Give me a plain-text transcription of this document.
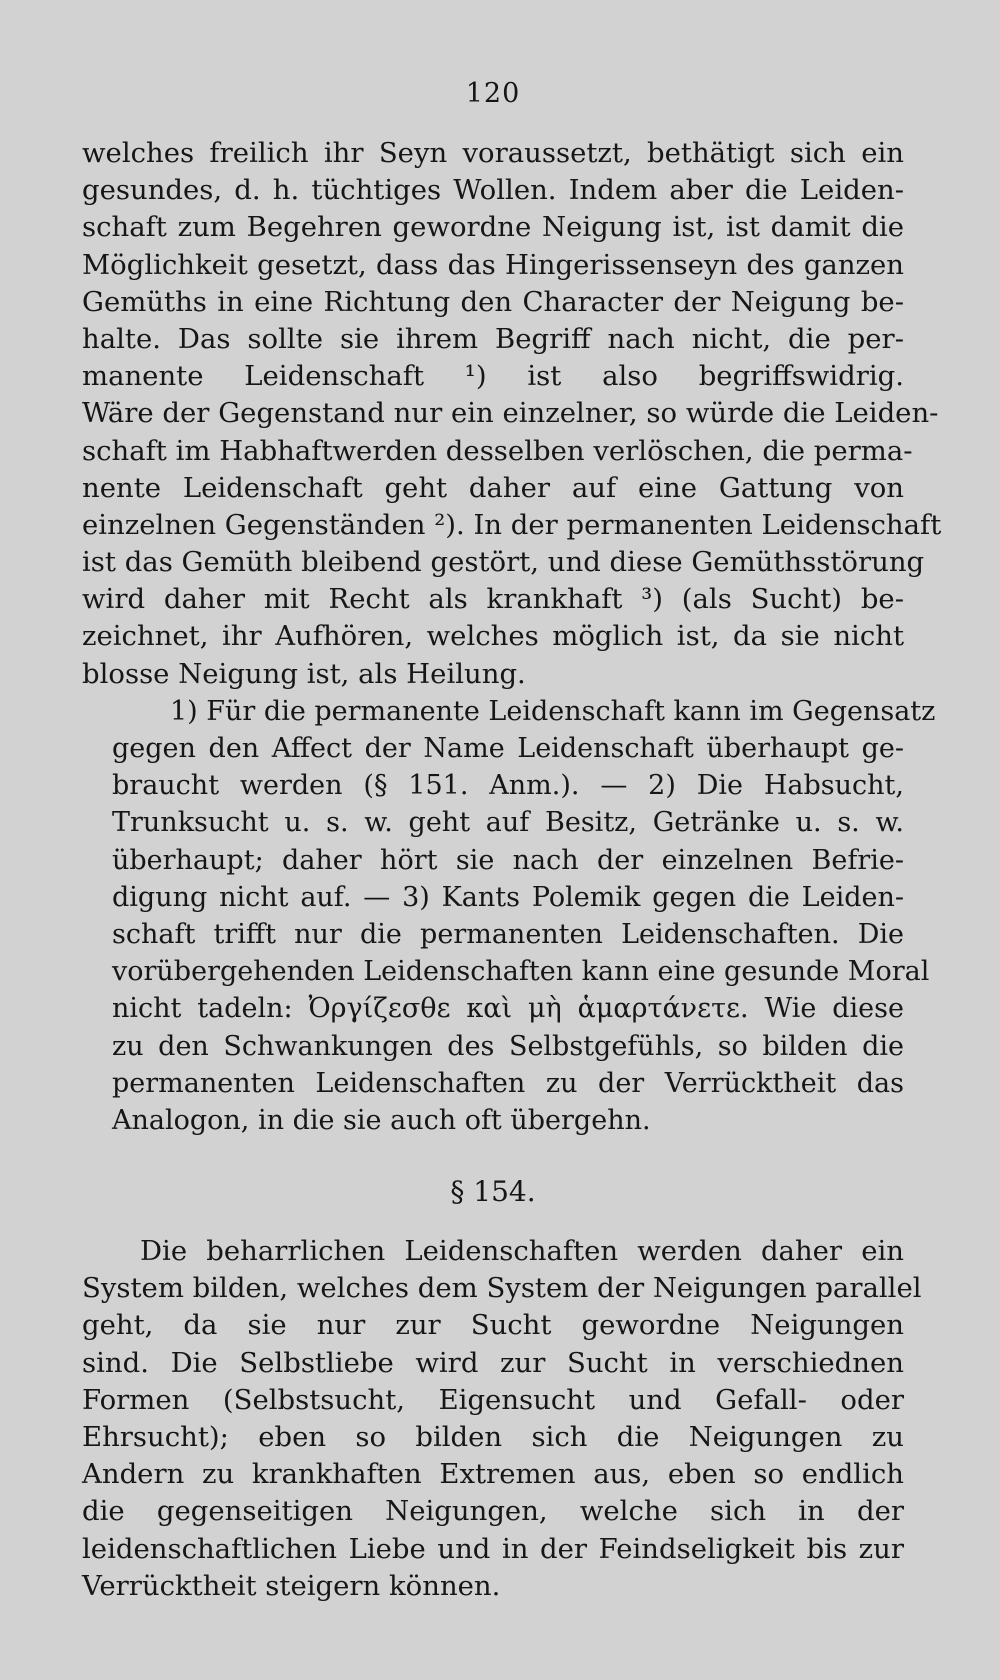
120
welches freilich ihr Seyn voraussetzt, bethätigt sich ein
gesundes, d. h. tüchtiges Wollen. Indem aber die Leiden-
schaft zum Begehren gewordne Neigung ist, ist damit die
Möglichkeit gesetzt, dass das Hingerissenseyn des ganzen
Gemüths in eine Richtung den Character der Neigung be-
halte. Das sollte sie ihrem Begriff nach nicht, die per-
manente Leidenschaft ¹) ist also begriffswidrig.
Wäre der Gegenstand nur ein einzelner, so würde die Leiden-
schaft im Habhaftwerden desselben verlöschen, die perma-
nente Leidenschaft geht daher auf eine Gattung von
einzelnen Gegenständen ²). In der permanenten Leidenschaft
ist das Gemüth bleibend gestört, und diese Gemüthsstörung
wird daher mit Recht als krankhaft ³) (als Sucht) be-
zeichnet, ihr Aufhören, welches möglich ist, da sie nicht
blosse Neigung ist, als Heilung.
1) Für die permanente Leidenschaft kann im Gegensatz
gegen den Affect der Name Leidenschaft überhaupt ge-
braucht werden (§ 151. Anm.). — 2) Die Habsucht,
Trunksucht u. s. w. geht auf Besitz, Getränke u. s. w.
überhaupt; daher hört sie nach der einzelnen Befrie-
digung nicht auf. — 3) Kants Polemik gegen die Leiden-
schaft trifft nur die permanenten Leidenschaften. Die
vorübergehenden Leidenschaften kann eine gesunde Moral
nicht tadeln: Ὀργίζεσθε καὶ μὴ ἁμαρτάνετε. Wie diese
zu den Schwankungen des Selbstgefühls, so bilden die
permanenten Leidenschaften zu der Verrücktheit das
Analogon, in die sie auch oft übergehn.
§ 154.
Die beharrlichen Leidenschaften werden daher ein
System bilden, welches dem System der Neigungen parallel
geht, da sie nur zur Sucht gewordne Neigungen
sind. Die Selbstliebe wird zur Sucht in verschiednen
Formen (Selbstsucht, Eigensucht und Gefall- oder
Ehrsucht); eben so bilden sich die Neigungen zu
Andern zu krankhaften Extremen aus, eben so endlich
die gegenseitigen Neigungen, welche sich in der
leidenschaftlichen Liebe und in der Feindseligkeit bis zur
Verrücktheit steigern können.
